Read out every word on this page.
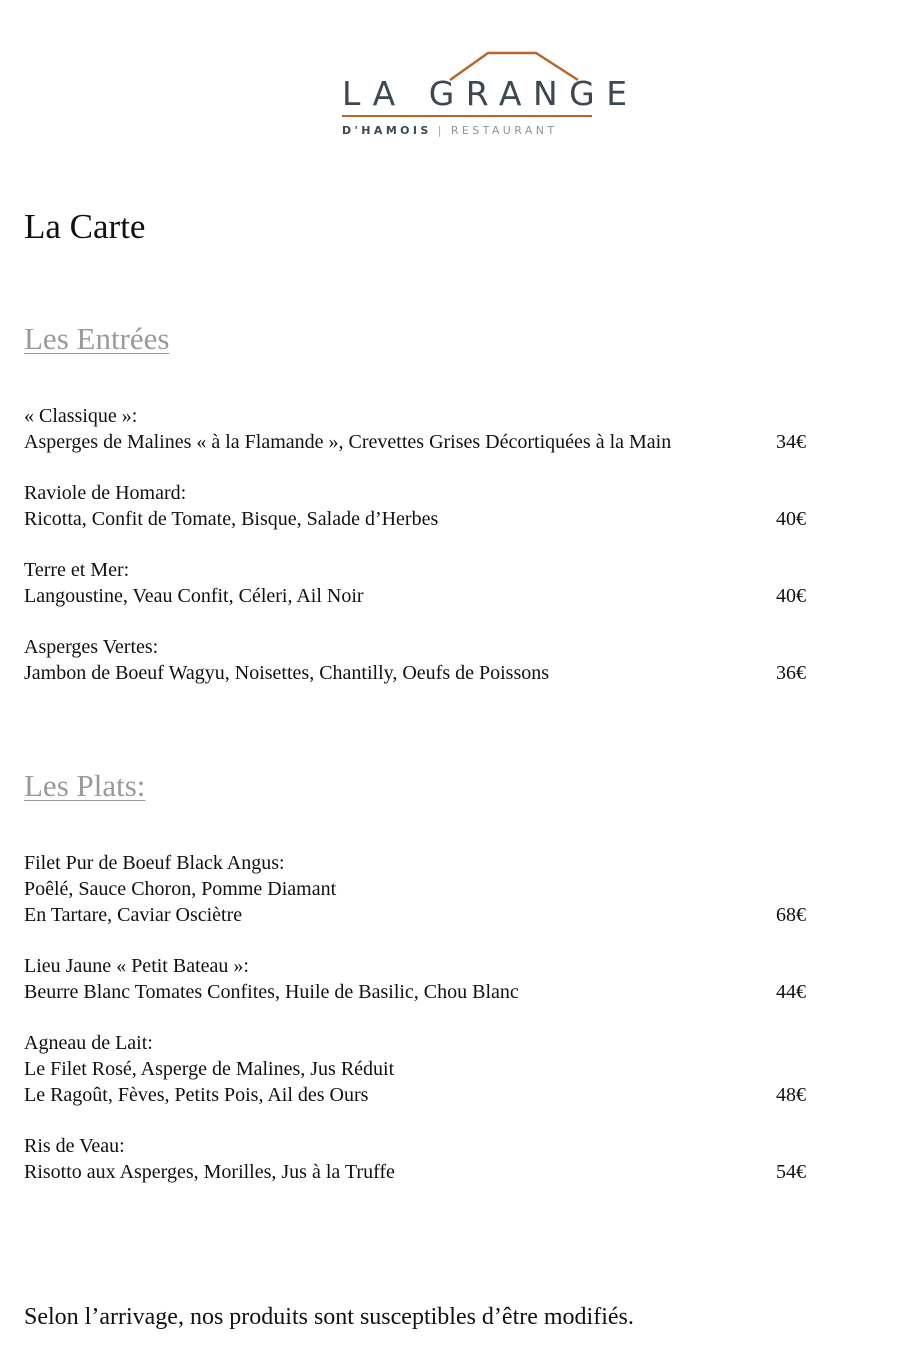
LA GRANGE
D'HAMOIS | RESTAURANT
La Carte
Les Entrées
« Classique »:
Asperges de Malines « à la Flamande », Crevettes Grises Décortiquées à la Main	34€
Raviole de Homard:
Ricotta, Confit de Tomate, Bisque, Salade d’Herbes	40€
Terre et Mer:
Langoustine, Veau Confit, Céleri, Ail Noir	40€
Asperges Vertes:
Jambon de Boeuf Wagyu, Noisettes, Chantilly, Oeufs de Poissons	36€
Les Plats:
Filet Pur de Boeuf Black Angus:
Poêlé, Sauce Choron, Pomme Diamant
En Tartare, Caviar Osciètre	68€
Lieu Jaune « Petit Bateau »:
Beurre Blanc Tomates Confites, Huile de Basilic, Chou Blanc	44€
Agneau de Lait:
Le Filet Rosé, Asperge de Malines, Jus Réduit
Le Ragoût, Fèves, Petits Pois, Ail des Ours	48€
Ris de Veau:
Risotto aux Asperges, Morilles, Jus à la Truffe	54€
Selon l’arrivage, nos produits sont susceptibles d’être modifiés.
